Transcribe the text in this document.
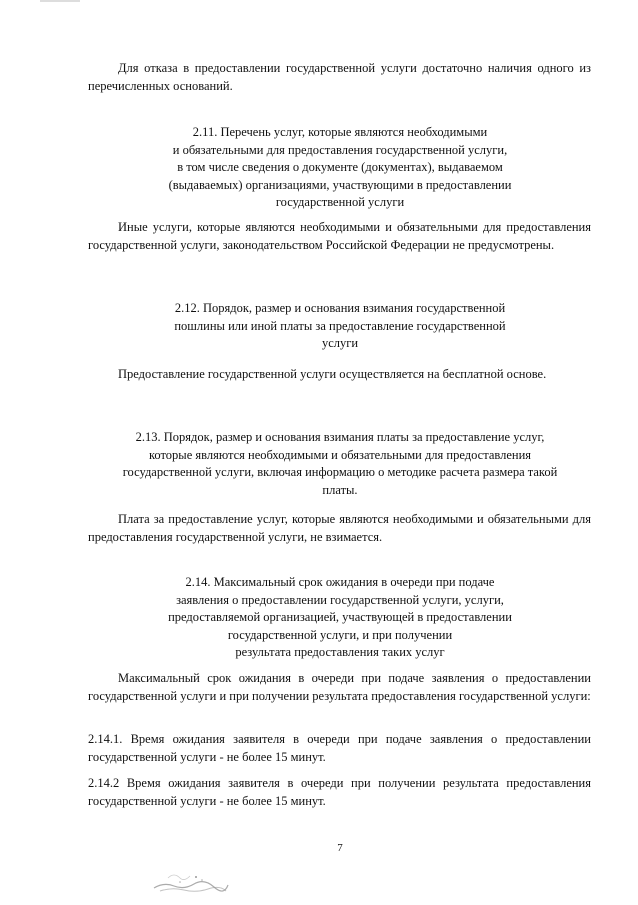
Для отказа в предоставлении государственной услуги достаточно наличия одного из перечисленных оснований.

2.11. Перечень услуг, которые являются необходимыми
и обязательными для предоставления государственной услуги,
в том числе сведения о документе (документах), выдаваемом
(выдаваемых) организациями, участвующими в предоставлении
государственной услуги

Иные услуги, которые являются необходимыми и обязательными для предоставления государственной услуги, законодательством Российской Федерации не предусмотрены.

2.12. Порядок, размер и основания взимания государственной
пошлины или иной платы за предоставление государственной
услуги

Предоставление государственной услуги осуществляется на бесплатной основе.

2.13. Порядок, размер и основания взимания платы за предоставление услуг,
которые являются необходимыми и обязательными для предоставления
государственной услуги, включая информацию о методике расчета размера такой
платы.

Плата за предоставление услуг, которые являются необходимыми и обязательными для предоставления государственной услуги, не взимается.

2.14. Максимальный срок ожидания в очереди при подаче
заявления о предоставлении государственной услуги, услуги,
предоставляемой организацией, участвующей в предоставлении
государственной услуги, и при получении
результата предоставления таких услуг

Максимальный срок ожидания в очереди при подаче заявления о предоставлении государственной услуги и при получении результата предоставления государственной услуги:

2.14.1. Время ожидания заявителя в очереди при подаче заявления о предоставлении государственной услуги - не более 15 минут.

2.14.2 Время ожидания заявителя в очереди при получении результата предоставления государственной услуги - не более 15 минут.

7
